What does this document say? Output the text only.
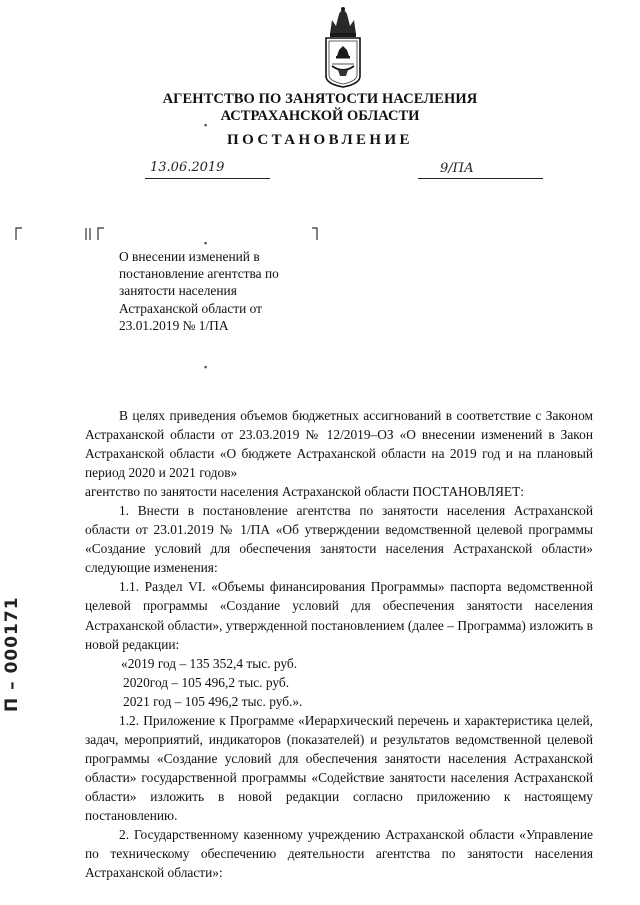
АГЕНТСТВО ПО ЗАНЯТОСТИ НАСЕЛЕНИЯ
АСТРАХАНСКОЙ ОБЛАСТИ
ПОСТАНОВЛЕНИЕ
▪
13.06.2019	9/ПА
▪
О внесении изменений в постановление агентства по занятости населения Астраханской области от 23.01.2019 № 1/ПА
▪

В целях приведения объемов бюджетных ассигнований в соответствие с Законом Астраханской области от 23.03.2019 № 12/2019–ОЗ «О внесении изменений в Закон Астраханской области «О бюджете Астраханской области на 2019 год и на плановый период 2020 и 2021 годов»

агентство по занятости населения Астраханской области ПОСТАНОВЛЯЕТ:

1. Внести в постановление агентства по занятости населения Астраханской области от 23.01.2019 № 1/ПА «Об утверждении ведомственной целевой программы «Создание условий для обеспечения занятости населения Астраханской области» следующие изменения:

1.1. Раздел VI. «Объемы финансирования Программы» паспорта ведомственной целевой программы «Создание условий для обеспечения занятости населения Астраханской области», утвержденной постановлением (далее – Программа) изложить в новой редакции:

«2019 год – 135 352,4 тыс. руб.

2020год – 105 496,2 тыс. руб.

2021 год – 105 496,2 тыс. руб.».

1.2. Приложение к Программе «Иерархический перечень и характеристика целей, задач, мероприятий, индикаторов (показателей) и результатов ведомственной целевой программы «Создание условий для обеспечения занятости населения Астраханской области» государственной программы «Содействие занятости населения Астраханской области» изложить в новой редакции согласно приложению к настоящему постановлению.

2. Государственному казенному учреждению Астраханской области «Управление по техническому обеспечению деятельности агентства по занятости населения Астраханской области»:

П – 000171
